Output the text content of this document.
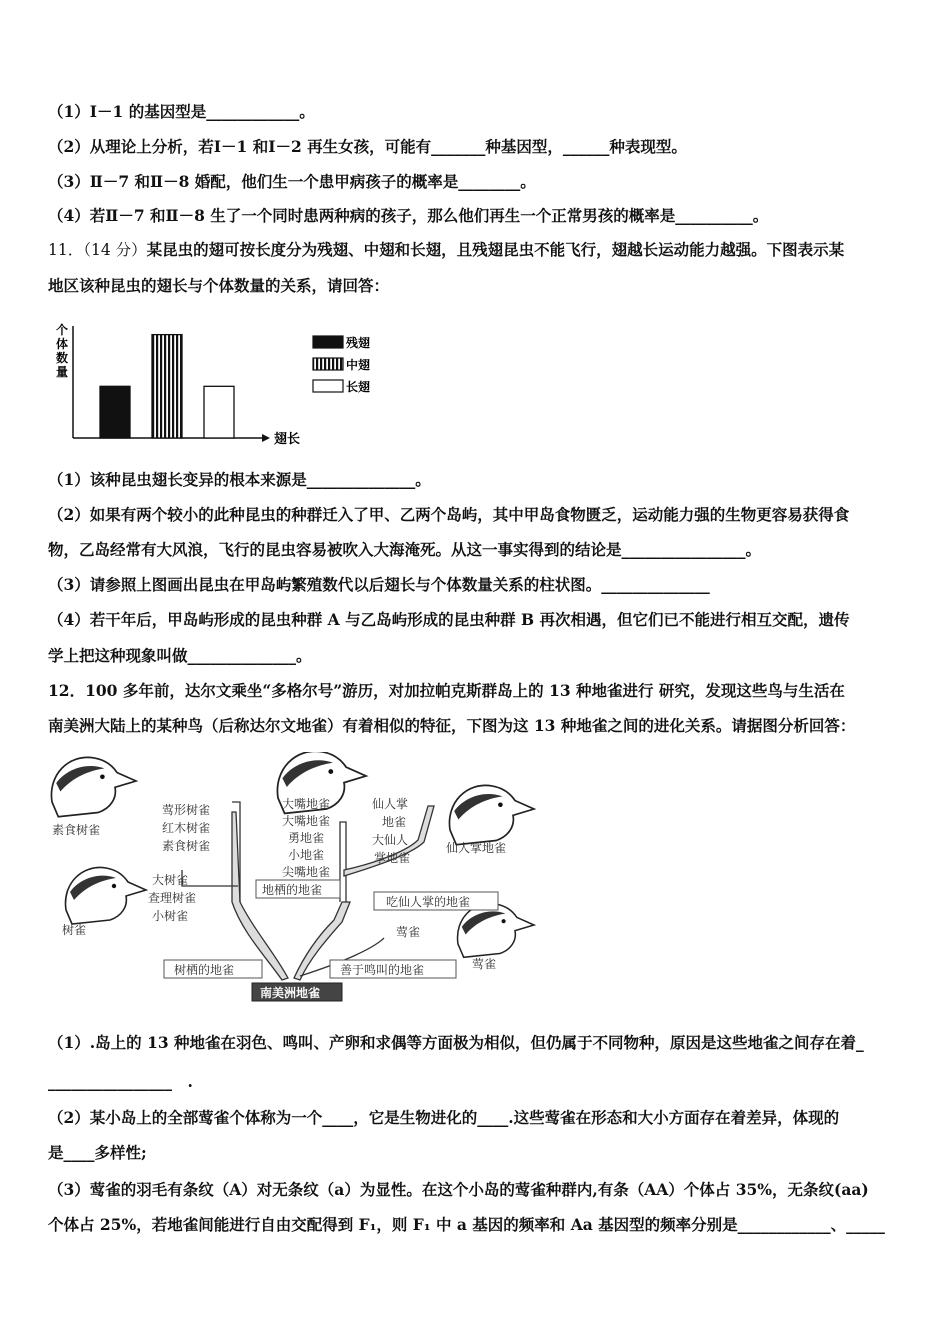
（1）Ⅰ－1 的基因型是____________。
（2）从理论上分析，若Ⅰ－1 和Ⅰ－2 再生女孩，可能有_______种基因型，______种表现型。
（3）Ⅱ－7 和Ⅱ－8 婚配，他们生一个患甲病孩子的概率是________。
（4）若Ⅱ－7 和Ⅱ－8 生了一个同时患两种病的孩子，那么他们再生一个正常男孩的概率是__________。
11．（14 分）某昆虫的翅可按长度分为残翅、中翅和长翅，且残翅昆虫不能飞行，翅越长运动能力越强。下图表示某
地区该种昆虫的翅长与个体数量的关系，请回答：
个
体
数
量
翅长
残翅
中翅
长翅
（1）该种昆虫翅长变异的根本来源是______________。
（2）如果有两个较小的此种昆虫的种群迁入了甲、乙两个岛屿，其中甲岛食物匮乏，运动能力强的生物更容易获得食
物，乙岛经常有大风浪，飞行的昆虫容易被吹入大海淹死。从这一事实得到的结论是________________。
（3）请参照上图画出昆虫在甲岛屿繁殖数代以后翅长与个体数量关系的柱状图。______________
（4）若干年后，甲岛屿形成的昆虫种群 A 与乙岛屿形成的昆虫种群 B 再次相遇，但它们已不能进行相互交配，遗传
学上把这种现象叫做______________。
12．100 多年前，达尔文乘坐“多格尔号”游历，对加拉帕克斯群岛上的 13 种地雀进行 研究，发现这些鸟与生活在
南美洲大陆上的某种鸟（后称达尔文地雀）有着相似的特征，下图为这 13 种地雀之间的进化关系。请据图分析回答：
素食树雀
树雀
仙人掌地雀
莺雀
莺形树雀
红木树雀
素食树雀
大树雀
查理树雀
小树雀
大嘴地雀
大嘴地雀
勇地雀
小地雀
尖嘴地雀
仙人掌
地雀
大仙人
掌地雀
莺雀
地栖的地雀
吃仙人掌的地雀
树栖的地雀	善于鸣叫的地雀
南美洲地雀
（1）.岛上的 13 种地雀在羽色、鸣叫、产卵和求偶等方面极为相似，但仍属于不同物种，原因是这些地雀之间存在着_
________________　.
（2）某小岛上的全部莺雀个体称为一个____，它是生物进化的____.这些莺雀在形态和大小方面存在着差异，体现的
是____多样性;
（3）莺雀的羽毛有条纹（A）对无条纹（a）为显性。在这个小岛的莺雀种群内,有条（AA）个体占 35%，无条纹(aa)
个体占 25%，若地雀间能进行自由交配得到 F₁，则 F₁ 中 a 基因的频率和 Aa 基因型的频率分别是____________、_____
